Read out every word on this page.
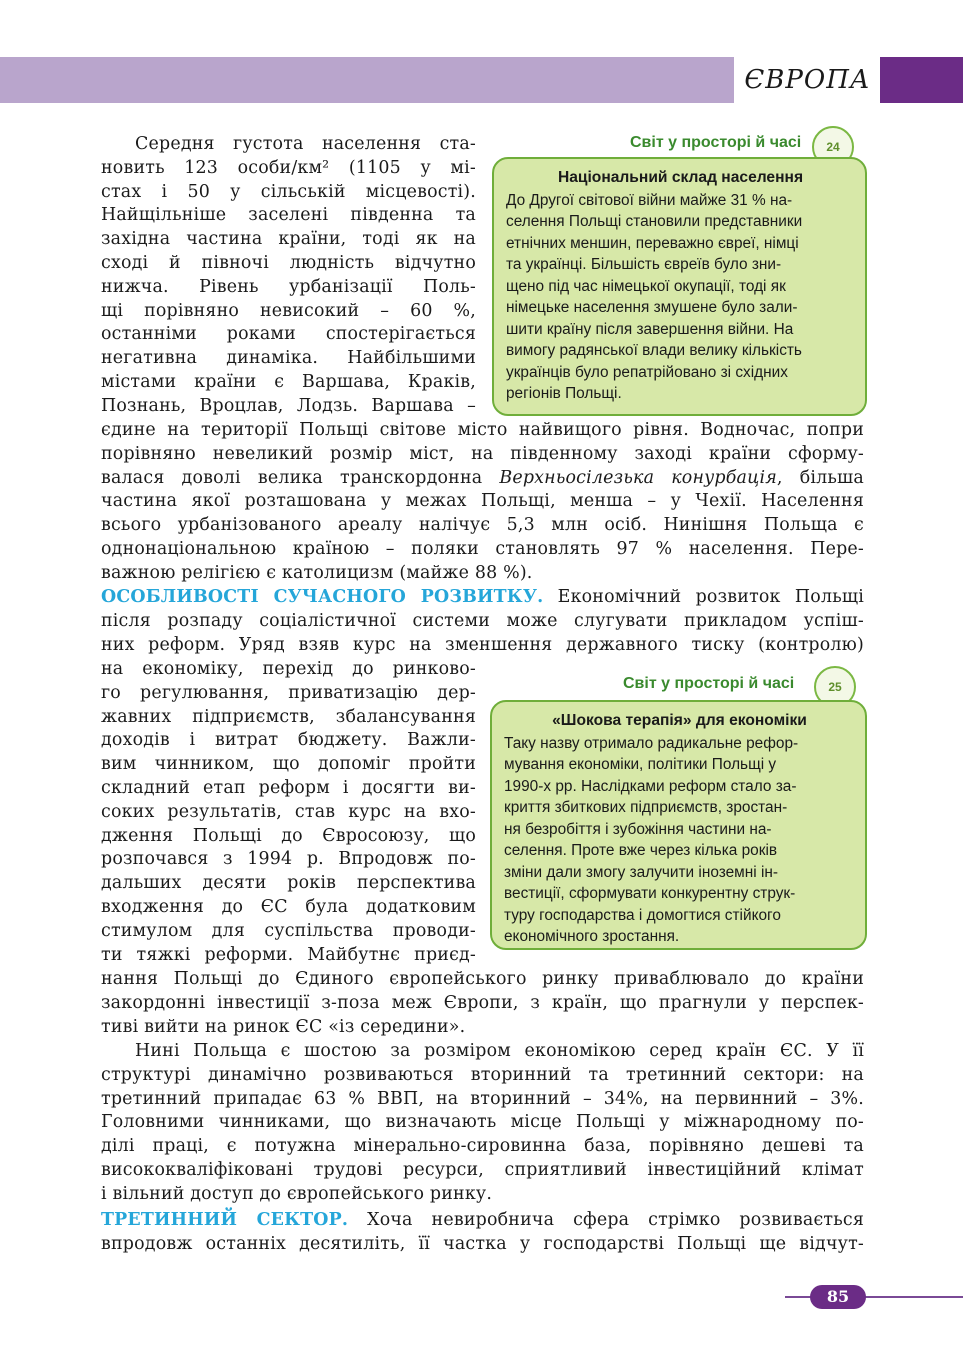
ЄВРОПА
Середня густота населення ста-
новить 123 особи/км² (1105 у мі-
стах і 50 у сільській місцевості).
Найщільніше заселені південна та
західна частина країни, тоді як на
сході й півночі людність відчутно
нижча. Рівень урбанізації Поль-
щі порівняно невисокий – 60 %,
останніми роками спостерігається
негативна динаміка. Найбільшими
містами країни є Варшава, Краків,
Познань, Вроцлав, Лодзь. Варшава –
Світ у просторі й часі 24
Національний склад населення
До Другої світової війни майже 31 % на-
селення Польщі становили представники
етнічних меншин, переважно євреї, німці
та українці. Більшість євреїв було зни-
щено під час німецької окупації, тоді як
німецьке населення змушене було зали-
шити країну після завершення війни. На
вимогу радянської влади велику кількість
українців було репатрійовано зі східних
регіонів Польщі.
єдине на території Польщі світове місто найвищого рівня. Водночас, попри
порівняно невеликий розмір міст, на південному заході країни сформу-
валася доволі велика транскордонна Верхньосілезька конурбація, більша
частина якої розташована у межах Польщі, менша – у Чехії. Населення
всього урбанізованого ареалу налічує 5,3 млн осіб. Нинішня Польща є
однонаціональною країною – поляки становлять 97 % населення. Пере-
важною релігією є католицизм (майже 88 %).
ОСОБЛИВОСТІ СУЧАСНОГО РОЗВИТКУ. Економічний розвиток Польщі
після розпаду соціалістичної системи може слугувати прикладом успіш-
них реформ. Уряд взяв курс на зменшення державного тиску (контролю)
на економіку, перехід до ринково-
го регулювання, приватизацію дер-
жавних підприємств, збалансування
доходів і витрат бюджету. Важли-
вим чинником, що допоміг пройти
складний етап реформ і досягти ви-
соких результатів, став курс на вхо-
дження Польщі до Євросоюзу, що
розпочався з 1994 р. Впродовж по-
дальших десяти років перспектива
входження до ЄС була додатковим
стимулом для суспільства проводи-
ти тяжкі реформи. Майбутнє приєд-
Світ у просторі й часі	25
«Шокова терапія» для економіки
Таку назву отримало радикальне рефор-
мування економіки, політики Польщі у
1990-х рр. Наслідками реформ стало за-
криття збиткових підприємств, зростан-
ня безробіття і зубожіння частини на-
селення. Проте вже через кілька років
зміни дали змогу залучити іноземні ін-
вестиції, сформувати конкурентну струк-
туру господарства і домогтися стійкого
економічного зростання.
нання Польщі до Єдиного європейського ринку приваблювало до країни
закордонні інвестиції з-поза меж Європи, з країн, що прагнули у перспек-
тиві вийти на ринок ЄС «із середини».
Нині Польща є шостою за розміром економікою серед країн ЄС. У її
структурі динамічно розвиваються вторинний та третинний сектори: на
третинний припадає 63 % ВВП, на вторинний – 34%, на первинний – 3%.
Головними чинниками, що визначають місце Польщі у міжнародному по-
ділі праці, є потужна мінерально-сировинна база, порівняно дешеві та
висококваліфіковані трудові ресурси, сприятливий інвестиційний клімат
і вільний доступ до європейського ринку.
ТРЕТИННИЙ СЕКТОР. Хоча невиробнича сфера стрімко розвивається
впродовж останніх десятиліть, її частка у господарстві Польщі ще відчут-
85
